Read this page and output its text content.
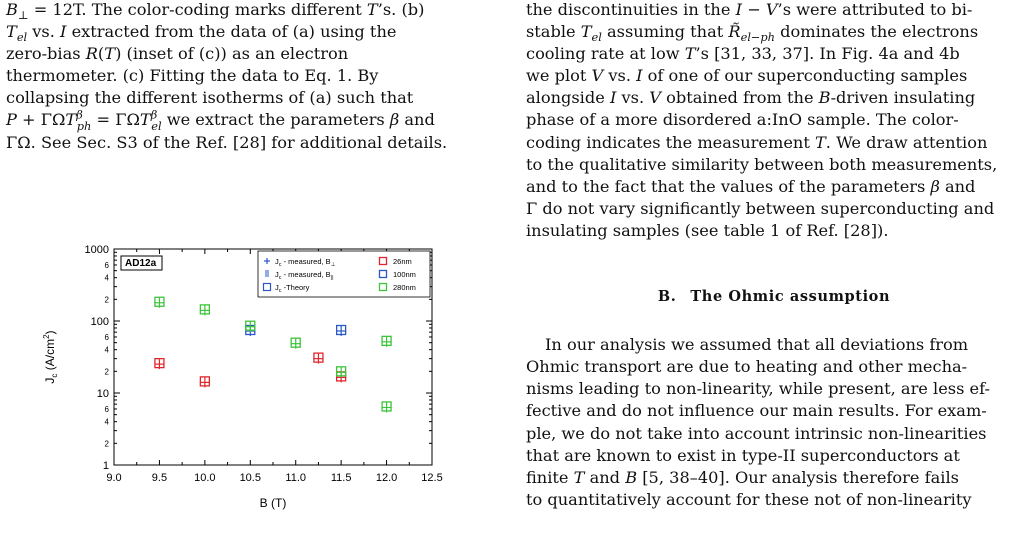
$B_\perp = 12T$. The color-coding marks different T’s. (b)

$T_{el}$ vs. I extracted from the data of (a) using the

zero-bias R(T) (inset of (c)) as an electron

thermometer. (c) Fitting the data to Eq. 1. By

collapsing the different isotherms of (a) such that

$P + \Gamma\Omega T^\beta_{ph} = \Gamma\Omega T^\beta_{el}$ we extract the parameters β and

ΓΩ. See Sec. S3 of the Ref. [28] for additional details.

the discontinuities in the I − V’s were attributed to bi-

stable $T_{el}$ assuming that $R̃_{el-ph}$ dominates the electrons

cooling rate at low T’s [31, 33, 37]. In Fig. 4a and 4b

we plot V vs. I of one of our superconducting samples

alongside I vs. V obtained from the B-driven insulating

phase of a more disordered a:InO sample. The color-

coding indicates the measurement T. We draw attention

to the qualitative similarity between both measurements,

and to the fact that the values of the parameters β and

Γ do not vary significantly between superconducting and

insulating samples (see table 1 of Ref. [28]).

B. The Ohmic assumption

In our analysis we assumed that all deviations from

Ohmic transport are due to heating and other mecha-

nisms leading to non-linearity, while present, are less ef-

fective and do not influence our main results. For exam-

ple, we do not take into account intrinsic non-linearities

that are known to exist in type-II superconductors at

finite T and B [5, 38–40]. Our analysis therefore fails

to quantitatively account for these not of non-linearity

9.0	9.5 10.0 10.5 11.0 11.5 12.0 12.5
1
10
100
1000
2
4
6
2
4
6
2
4
6
B (T)
$J_c$ $(A/cm^2)$
AD12a	$J_c$ - measured, $B_\perp$
$J_c$ - measured, $B_{||}$
$J_c$ -Theory
26nm
100nm
280nm
